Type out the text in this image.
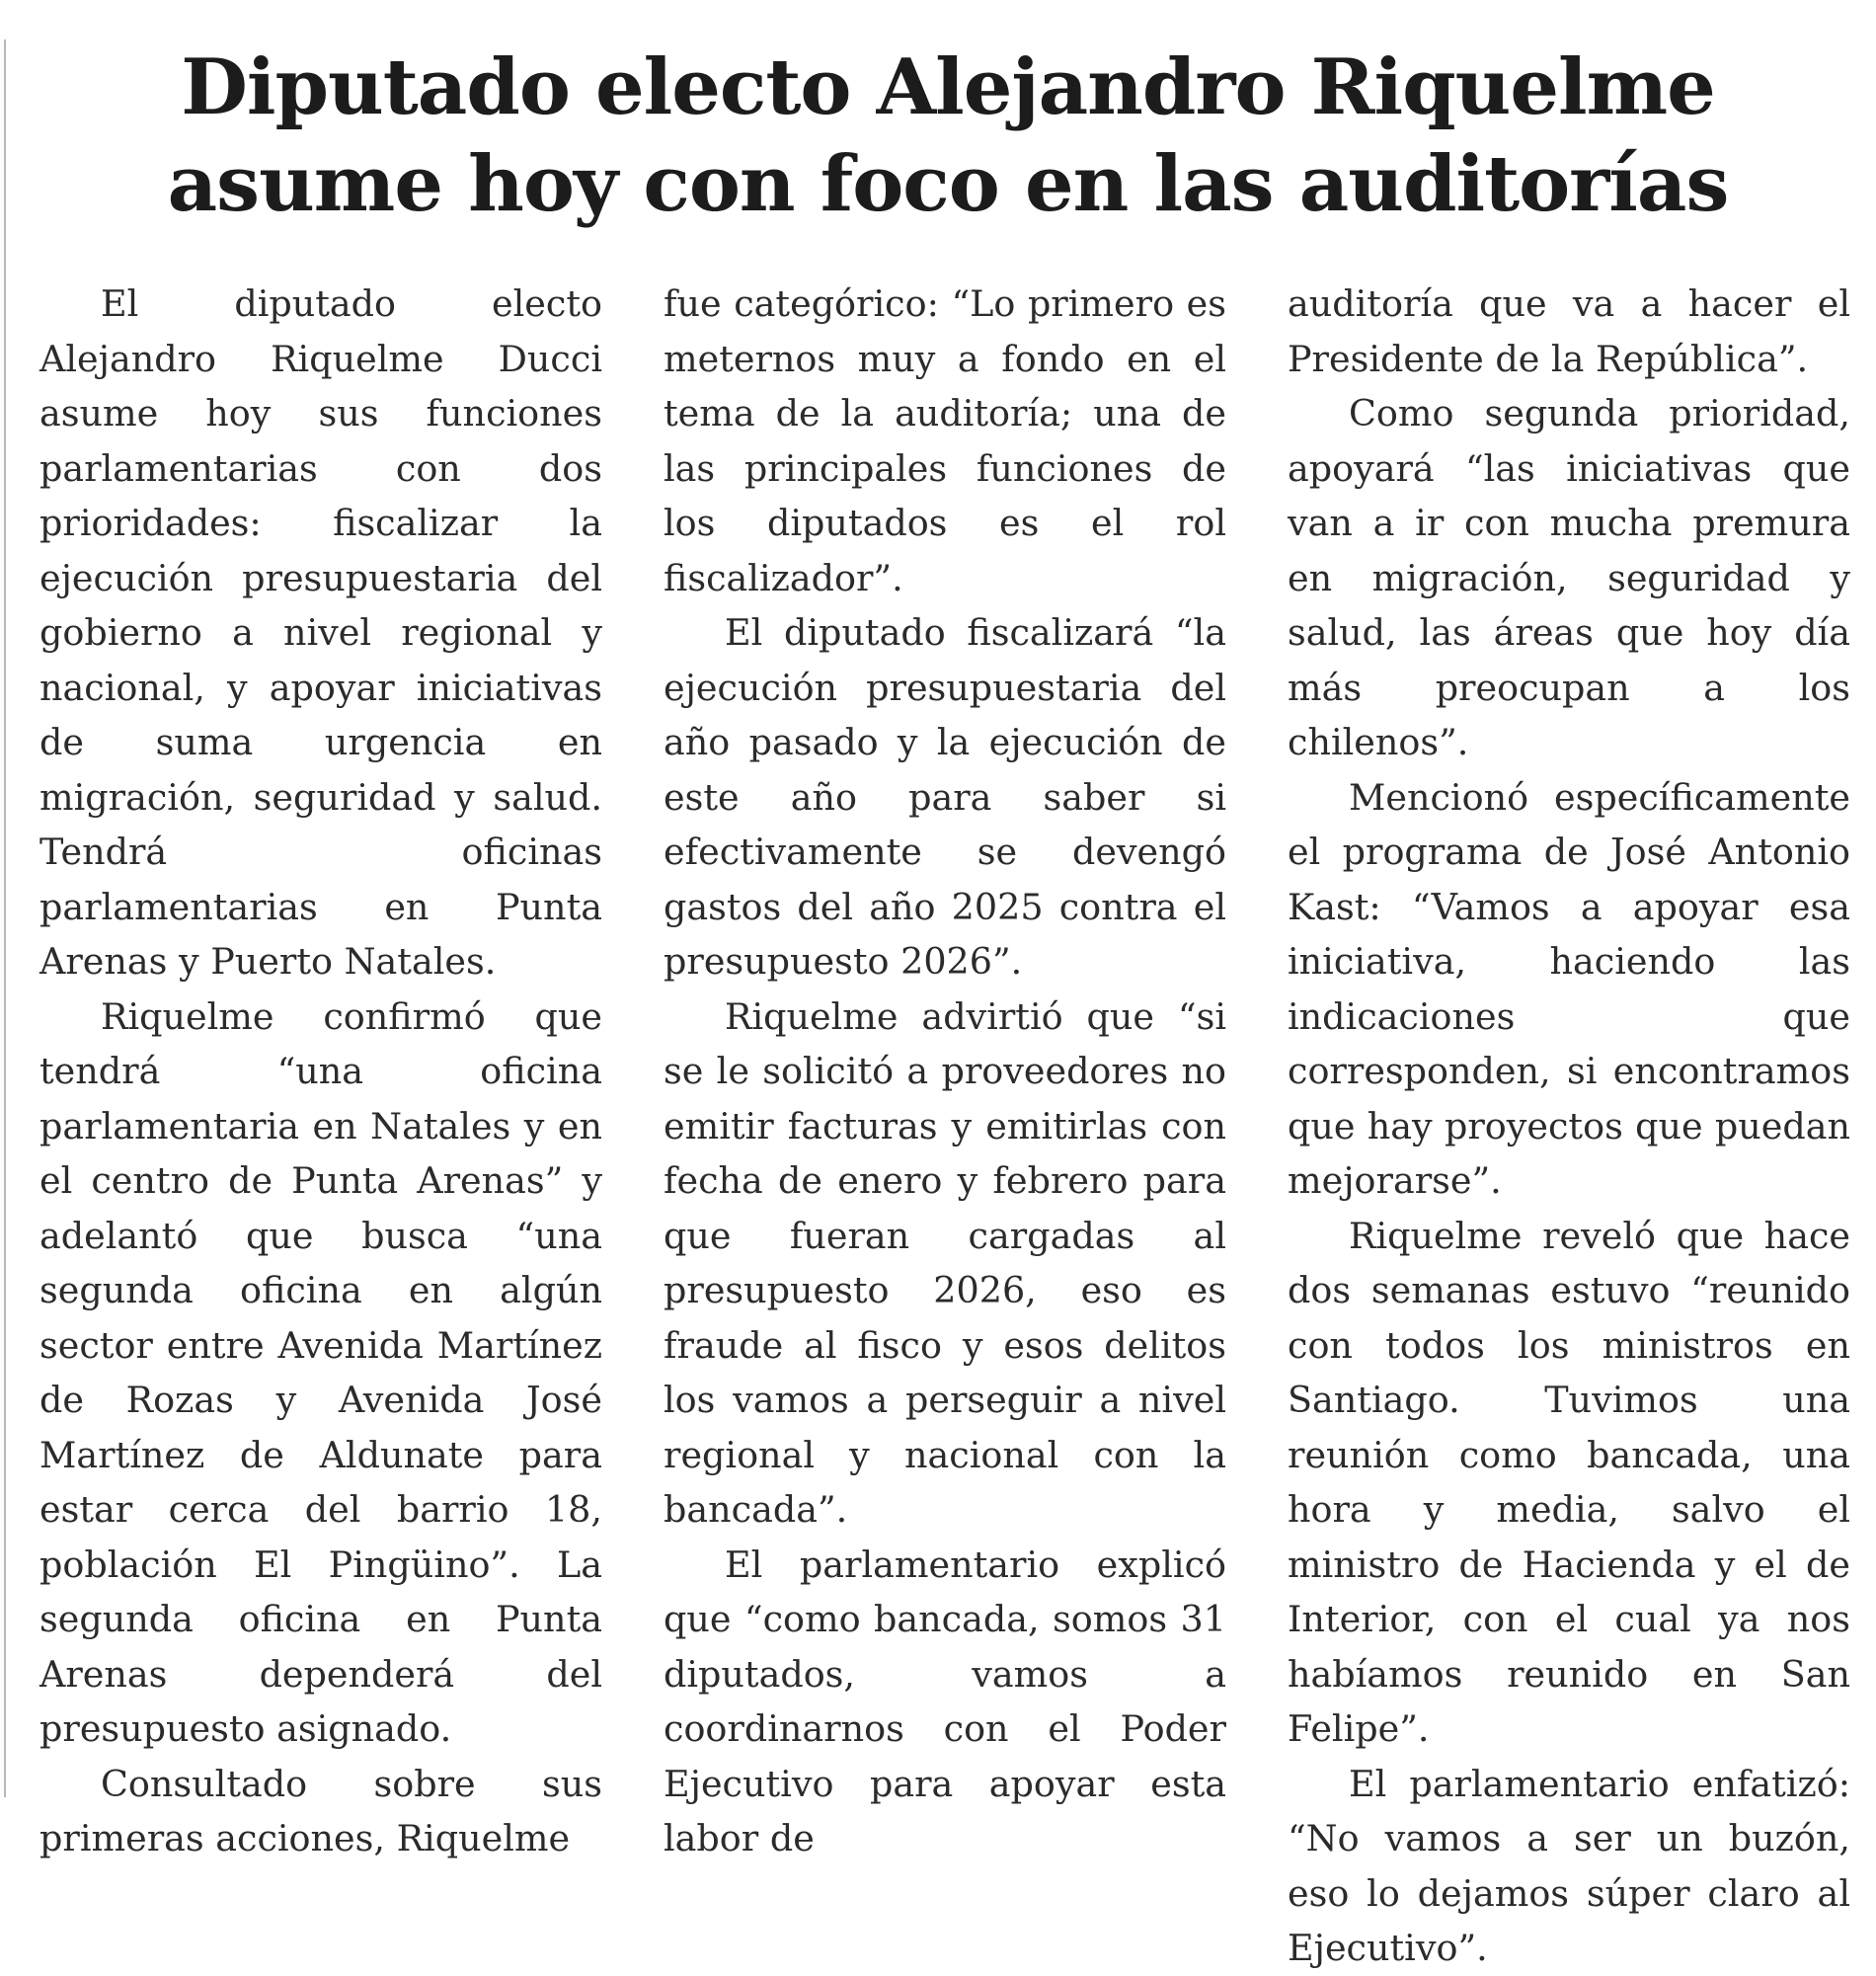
Diputado electo Alejandro Riquelme
asume hoy con foco en las auditorías

El diputado electo Alejandro Riquelme Ducci asume hoy sus funciones parlamentarias con dos prioridades: fiscalizar la ejecución presupuestaria del gobierno a nivel regional y nacional, y apoyar iniciativas de suma urgencia en migración, seguridad y salud. Tendrá oficinas parlamentarias en Punta Arenas y Puerto Natales.

Riquelme confirmó que tendrá “una oficina parlamentaria en Natales y en el centro de Punta Arenas” y adelantó que busca “una segunda oficina en algún sector entre Avenida Martínez de Rozas y Avenida José Martínez de Aldunate para estar cerca del barrio 18, población El Pingüino”. La segunda oficina en Punta Arenas dependerá del presupuesto asignado.

Consultado sobre sus primeras acciones, Riquelme

fue categórico: “Lo primero es meternos muy a fondo en el tema de la auditoría; una de las principales funciones de los diputados es el rol fiscalizador”.

El diputado fiscalizará “la ejecución presupuestaria del año pasado y la ejecución de este año para saber si efectivamente se devengó gastos del año 2025 contra el presupuesto 2026”.

Riquelme advirtió que “si se le solicitó a proveedores no emitir facturas y emitirlas con fecha de enero y febrero para que fueran cargadas al presupuesto 2026, eso es fraude al fisco y esos delitos los vamos a perseguir a nivel regional y nacional con la bancada”.

El parlamentario explicó que “como bancada, somos 31 diputados, vamos a coordinarnos con el Poder Ejecutivo para apoyar esta labor de

auditoría que va a hacer el Presidente de la República”.

Como segunda prioridad, apoyará “las iniciativas que van a ir con mucha premura en migración, seguridad y salud, las áreas que hoy día más preocupan a los chilenos”.

Mencionó específicamente el programa de José Antonio Kast: “Vamos a apoyar esa iniciativa, haciendo las indicaciones que corresponden, si encontramos que hay proyectos que puedan mejorarse”.

Riquelme reveló que hace dos semanas estuvo “reunido con todos los ministros en Santiago. Tuvimos una reunión como bancada, una hora y media, salvo el ministro de Hacienda y el de Interior, con el cual ya nos habíamos reunido en San Felipe”.

El parlamentario enfatizó: “No vamos a ser un buzón, eso lo dejamos súper claro al Ejecutivo”.
